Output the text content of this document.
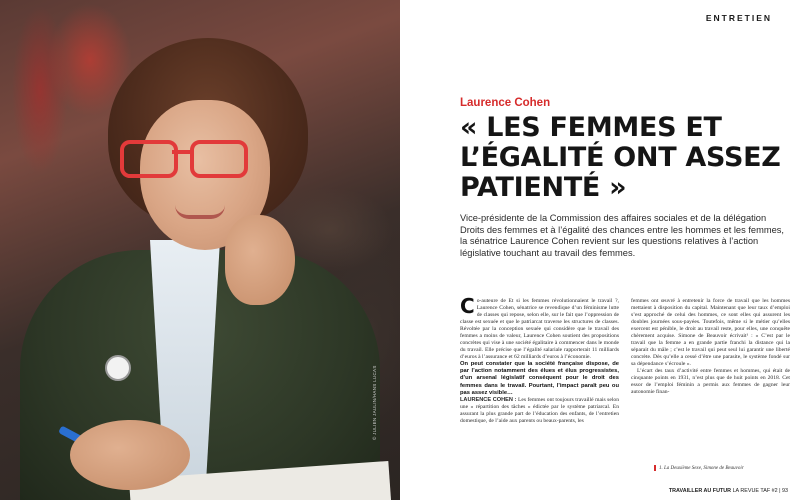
© JULIEN JAULIN/HANS LUCAS
ENTRETIEN
Laurence Cohen
« LES FEMMES ET
L’ÉGALITÉ ONT ASSEZ
PATIENTÉ »
Vice-présidente de la Commission des affaires sociales et de la délégation Droits des femmes et à l’égalité des chances entre les hommes et les femmes, la sénatrice Laurence Cohen revient sur les questions relatives à l’action législative touchant au travail des femmes.

Co-auteure de Et si les femmes révolutionnaient le travail ?, Laurence Cohen, sénatrice se revendique d’un féminisme lutte de classes qui repose, selon elle, sur le fait que l’oppression de classe est sexuée et que le patriarcat traverse les structures de classes. Révoltée par la conception sexuée qui considère que le travail des femmes a moins de valeur, Laurence Cohen soutient des propositions concrètes qui vise à une société égalitaire à commencer dans le monde du travail. Elle précise que l’égalité salariale rapporterait 11 milliards d’euros à l’assurance et 62 milliards d’euros à l’économie.

On peut constater que la société française dispose, de par l’action notamment des élues et élus progressistes, d’un arsenal législatif conséquent pour le droit des femmes dans le travail. Pourtant, l’impact paraît peu ou pas assez visible…

LAURENCE COHEN : Les femmes ont toujours travaillé mais selon une « répartition des tâches » édictée par le système patriarcal. En assurant la plus grande part de l’éducation des enfants, de l’entretien domestique, de l’aide aux parents ou beaux-parents, les

femmes ont œuvré à entretenir la force de travail que les hommes mettaient à disposition du capital. Maintenant que leur taux d’emploi s’est approché de celui des hommes, ce sont elles qui assurent les doubles journées sous-payées. Toutefois, même si le métier qu’elles exercent est pénible, le droit au travail reste, pour elles, une conquête chèrement acquise. Simone de Beauvoir écrivait¹ : « C’est par le travail que la femme a en grande partie franchi la distance qui la séparait du mâle ; c’est le travail qui peut seul lui garantir une liberté concrète. Dès qu’elle a cessé d’être une parasite, le système fondé sur sa dépendance s’écroule ».

L’écart des taux d’activité entre femmes et hommes, qui était de cinquante points en 1931, n’est plus que de huit points en 2018. Cet essor de l’emploi féminin a permis aux femmes de gagner leur autonomie finan-

1. La Deuxième Sexe, Simone de Beauvoir
TRAVAILLER AU FUTUR LA REVUE TAF #2 | 93
